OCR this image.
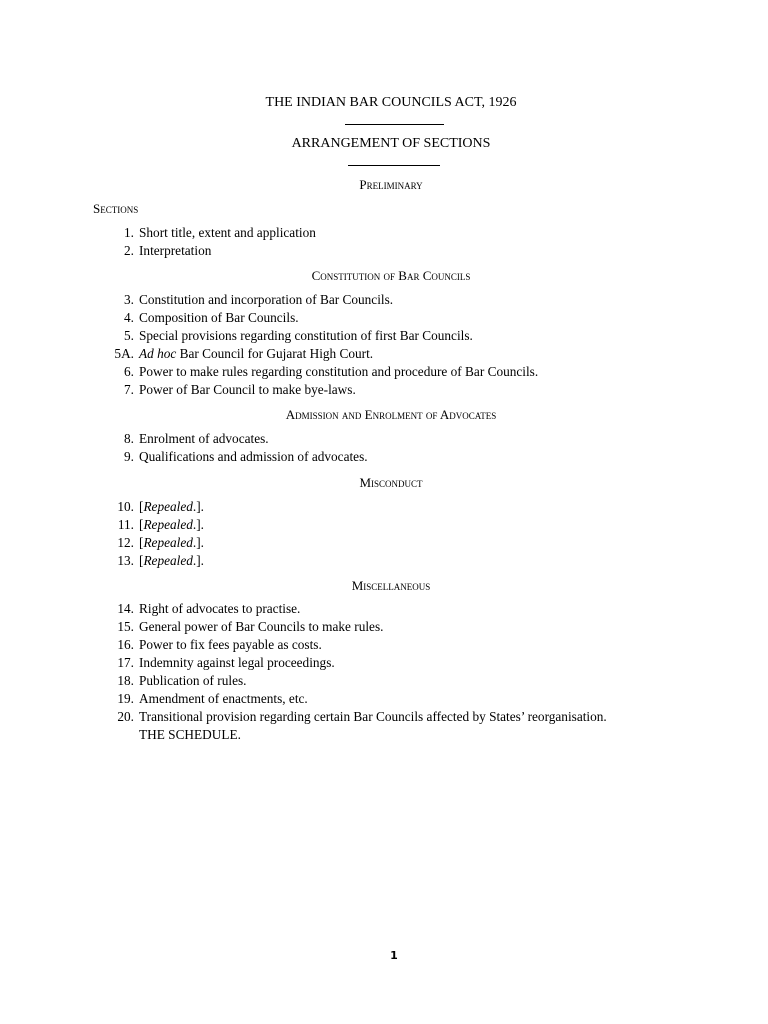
THE INDIAN BAR COUNCILS ACT, 1926
ARRANGEMENT OF SECTIONS
Preliminary
Sections
1. Short title, extent and application
2. Interpretation
Constitution of Bar Councils
3. Constitution and incorporation of Bar Councils.
4. Composition of Bar Councils.
5. Special provisions regarding constitution of first Bar Councils.
5A. Ad hoc Bar Council for Gujarat High Court.
6. Power to make rules regarding constitution and procedure of Bar Councils.
7. Power of Bar Council to make bye-laws.
Admission and Enrolment of Advocates
8. Enrolment of advocates.
9. Qualifications and admission of advocates.
Misconduct
10. [Repealed.].
11. [Repealed.].
12. [Repealed.].
13. [Repealed.].
Miscellaneous
14. Right of advocates to practise.
15. General power of Bar Councils to make rules.
16. Power to fix fees payable as costs.
17. Indemnity against legal proceedings.
18. Publication of rules.
19. Amendment of enactments, etc.
20. Transitional provision regarding certain Bar Councils affected by States’ reorganisation.
THE SCHEDULE.
1
